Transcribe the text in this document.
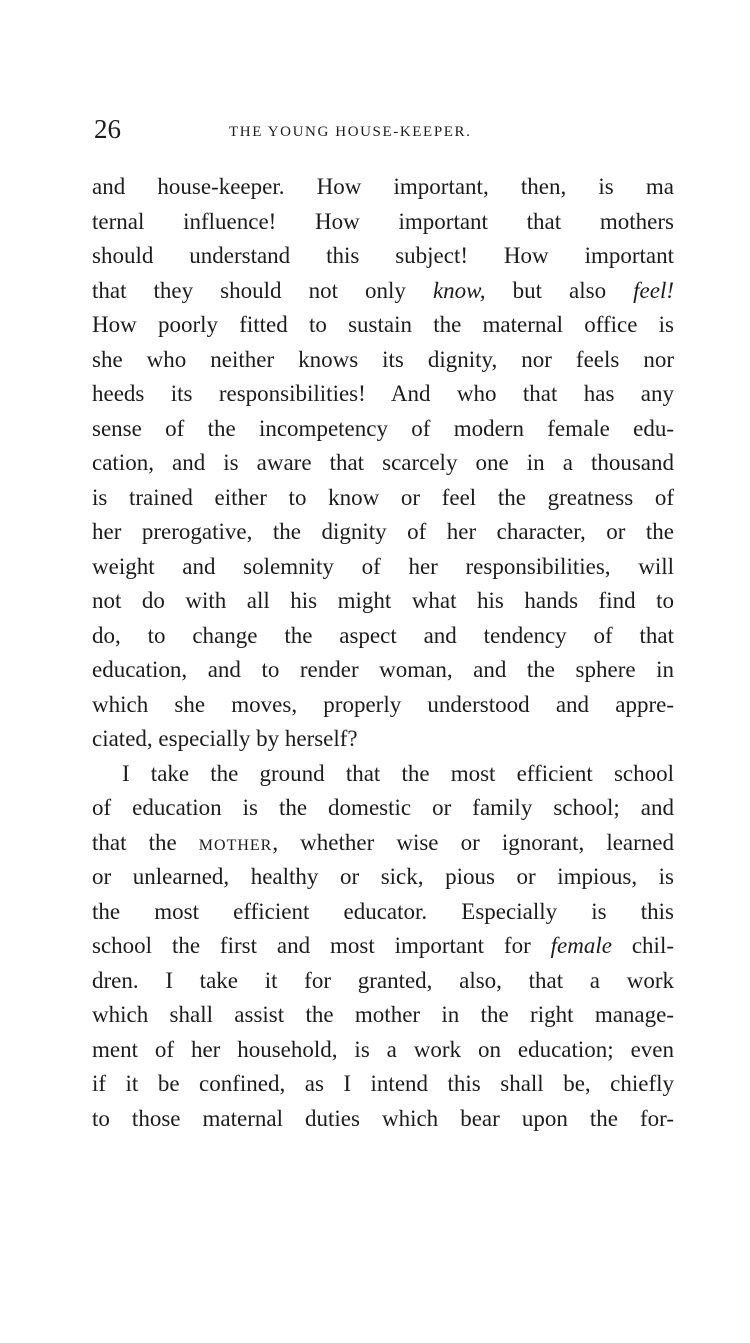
26	THE YOUNG HOUSE-KEEPER.
and house-keeper. How important, then, is ma
ternal influence! How important that mothers
should understand this subject! How important
that they should not only know, but also feel!
How poorly fitted to sustain the maternal office is
she who neither knows its dignity, nor feels nor
heeds its responsibilities! And who that has any
sense of the incompetency of modern female edu-
cation, and is aware that scarcely one in a thousand
is trained either to know or feel the greatness of
her prerogative, the dignity of her character, or the
weight and solemnity of her responsibilities, will
not do with all his might what his hands find to
do, to change the aspect and tendency of that
education, and to render woman, and the sphere in
which she moves, properly understood and appre-
ciated, especially by herself?
I take the ground that the most efficient school
of education is the domestic or family school; and
that the mother, whether wise or ignorant, learned
or unlearned, healthy or sick, pious or impious, is
the most efficient educator. Especially is this
school the first and most important for female chil-
dren. I take it for granted, also, that a work
which shall assist the mother in the right manage-
ment of her household, is a work on education; even
if it be confined, as I intend this shall be, chiefly
to those maternal duties which bear upon the for-
